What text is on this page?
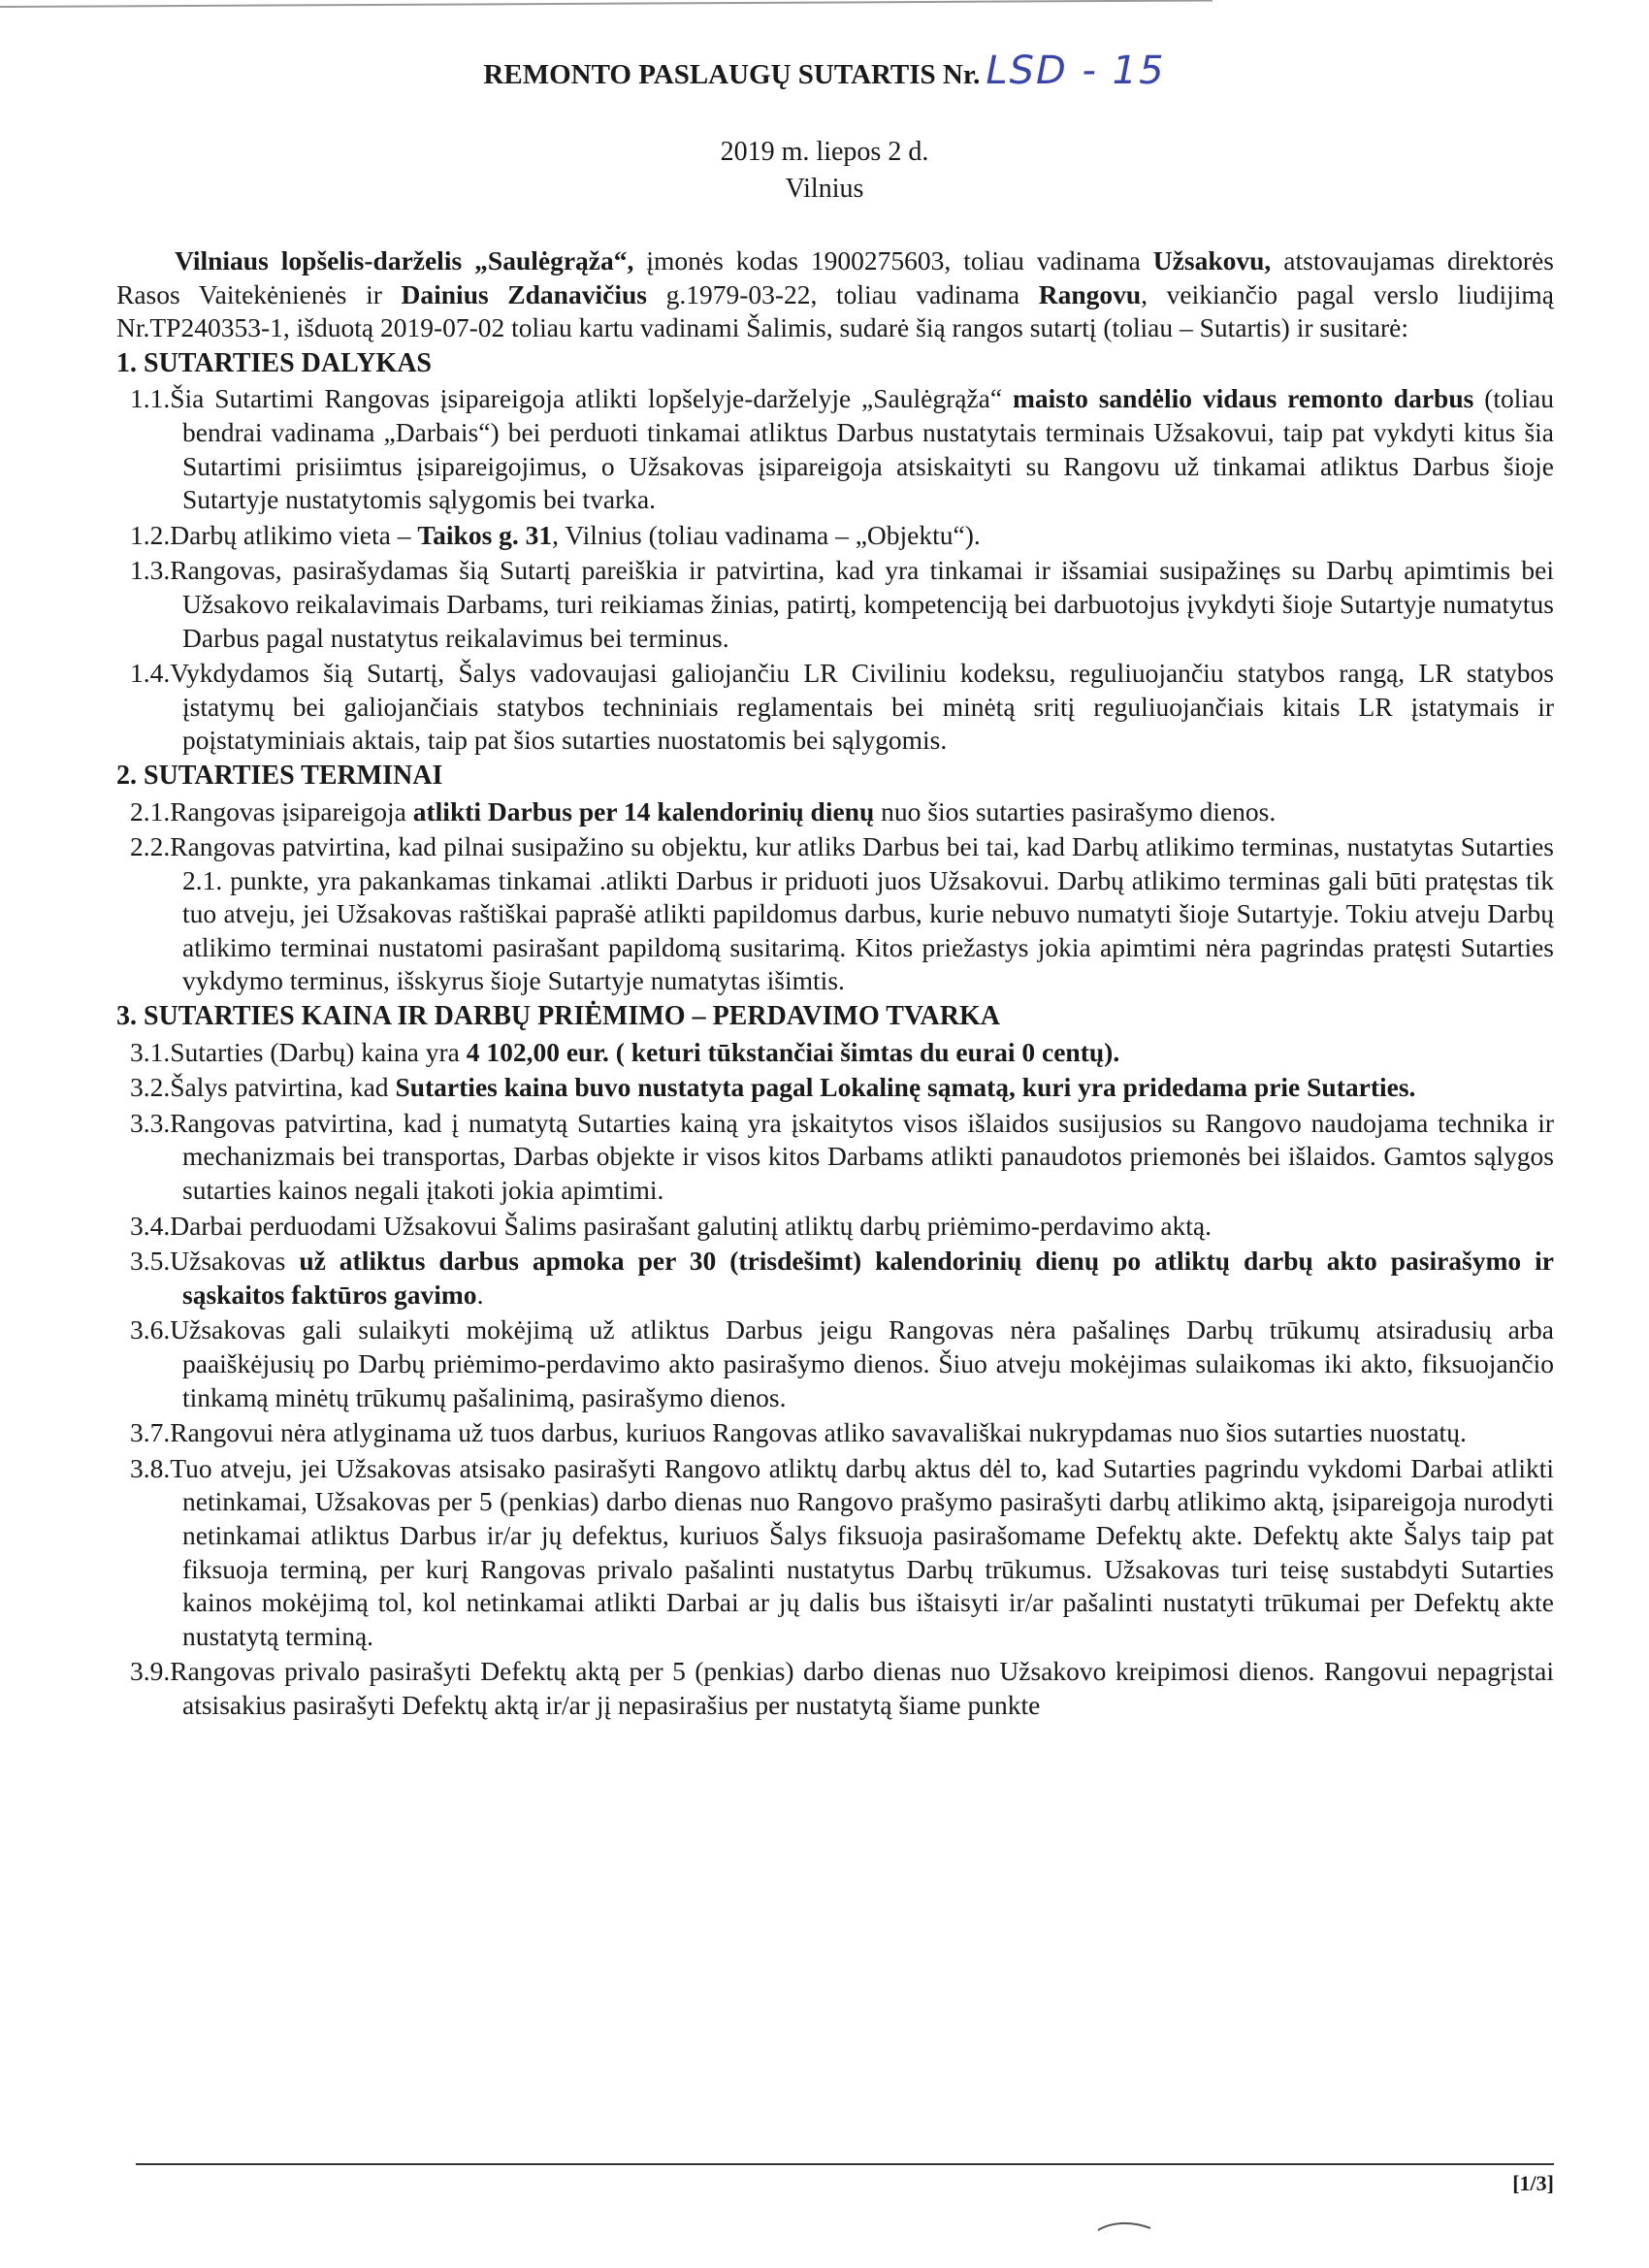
REMONTO PASLAUGŲ SUTARTIS Nr. LSD - 15
2019 m. liepos 2 d.
Vilnius

Vilniaus lopšelis-darželis „Saulėgrąža“, įmonės kodas 1900275603, toliau vadinama Užsakovu, atstovaujamas direktorės Rasos Vaitekėnienės ir Dainius Zdanavičius g.1979-03-22, toliau vadinama Rangovu, veikiančio pagal verslo liudijimą Nr.TP240353-1, išduotą 2019-07-02 toliau kartu vadinami Šalimis, sudarė šią rangos sutartį (toliau – Sutartis) ir susitarė:

1. SUTARTIES DALYKAS

1.1.Šia Sutartimi Rangovas įsipareigoja atlikti lopšelyje-darželyje „Saulėgrąža“ maisto sandėlio vidaus remonto darbus (toliau bendrai vadinama „Darbais“) bei perduoti tinkamai atliktus Darbus nustatytais terminais Užsakovui, taip pat vykdyti kitus šia Sutartimi prisiimtus įsipareigojimus, o Užsakovas įsipareigoja atsiskaityti su Rangovu už tinkamai atliktus Darbus šioje Sutartyje nustatytomis sąlygomis bei tvarka.

1.2.Darbų atlikimo vieta – Taikos g. 31, Vilnius (toliau vadinama – „Objektu“).

1.3.Rangovas, pasirašydamas šią Sutartį pareiškia ir patvirtina, kad yra tinkamai ir išsamiai susipažinęs su Darbų apimtimis bei Užsakovo reikalavimais Darbams, turi reikiamas žinias, patirtį, kompetenciją bei darbuotojus įvykdyti šioje Sutartyje numatytus Darbus pagal nustatytus reikalavimus bei terminus.

1.4.Vykdydamos šią Sutartį, Šalys vadovaujasi galiojančiu LR Civiliniu kodeksu, reguliuojančiu statybos rangą, LR statybos įstatymų bei galiojančiais statybos techniniais reglamentais bei minėtą sritį reguliuojančiais kitais LR įstatymais ir poįstatyminiais aktais, taip pat šios sutarties nuostatomis bei sąlygomis.

2. SUTARTIES TERMINAI

2.1.Rangovas įsipareigoja atlikti Darbus per 14 kalendorinių dienų nuo šios sutarties pasirašymo dienos.

2.2.Rangovas patvirtina, kad pilnai susipažino su objektu, kur atliks Darbus bei tai, kad Darbų atlikimo terminas, nustatytas Sutarties 2.1. punkte, yra pakankamas tinkamai .atlikti Darbus ir priduoti juos Užsakovui. Darbų atlikimo terminas gali būti pratęstas tik tuo atveju, jei Užsakovas raštiškai paprašė atlikti papildomus darbus, kurie nebuvo numatyti šioje Sutartyje. Tokiu atveju Darbų atlikimo terminai nustatomi pasirašant papildomą susitarimą. Kitos priežastys jokia apimtimi nėra pagrindas pratęsti Sutarties vykdymo terminus, išskyrus šioje Sutartyje numatytas išimtis.

3. SUTARTIES KAINA IR DARBŲ PRIĖMIMO – PERDAVIMO TVARKA

3.1.Sutarties (Darbų) kaina yra 4 102,00 eur. ( keturi tūkstančiai šimtas du eurai 0 centų).

3.2.Šalys patvirtina, kad Sutarties kaina buvo nustatyta pagal Lokalinę sąmatą, kuri yra pridedama prie Sutarties.

3.3.Rangovas patvirtina, kad į numatytą Sutarties kainą yra įskaitytos visos išlaidos susijusios su Rangovo naudojama technika ir mechanizmais bei transportas, Darbas objekte ir visos kitos Darbams atlikti panaudotos priemonės bei išlaidos. Gamtos sąlygos sutarties kainos negali įtakoti jokia apimtimi.

3.4.Darbai perduodami Užsakovui Šalims pasirašant galutinį atliktų darbų priėmimo-perdavimo aktą.

3.5.Užsakovas už atliktus darbus apmoka per 30 (trisdešimt) kalendorinių dienų po atliktų darbų akto pasirašymo ir sąskaitos faktūros gavimo.

3.6.Užsakovas gali sulaikyti mokėjimą už atliktus Darbus jeigu Rangovas nėra pašalinęs Darbų trūkumų atsiradusių arba paaiškėjusių po Darbų priėmimo-perdavimo akto pasirašymo dienos. Šiuo atveju mokėjimas sulaikomas iki akto, fiksuojančio tinkamą minėtų trūkumų pašalinimą, pasirašymo dienos.

3.7.Rangovui nėra atlyginama už tuos darbus, kuriuos Rangovas atliko savavališkai nukrypdamas nuo šios sutarties nuostatų.

3.8.Tuo atveju, jei Užsakovas atsisako pasirašyti Rangovo atliktų darbų aktus dėl to, kad Sutarties pagrindu vykdomi Darbai atlikti netinkamai, Užsakovas per 5 (penkias) darbo dienas nuo Rangovo prašymo pasirašyti darbų atlikimo aktą, įsipareigoja nurodyti netinkamai atliktus Darbus ir/ar jų defektus, kuriuos Šalys fiksuoja pasirašomame Defektų akte. Defektų akte Šalys taip pat fiksuoja terminą, per kurį Rangovas privalo pašalinti nustatytus Darbų trūkumus. Užsakovas turi teisę sustabdyti Sutarties kainos mokėjimą tol, kol netinkamai atlikti Darbai ar jų dalis bus ištaisyti ir/ar pašalinti nustatyti trūkumai per Defektų akte nustatytą terminą.

3.9.Rangovas privalo pasirašyti Defektų aktą per 5 (penkias) darbo dienas nuo Užsakovo kreipimosi dienos. Rangovui nepagrįstai atsisakius pasirašyti Defektų aktą ir/ar jį nepasirašius per nustatytą šiame punkte

[1/3]
